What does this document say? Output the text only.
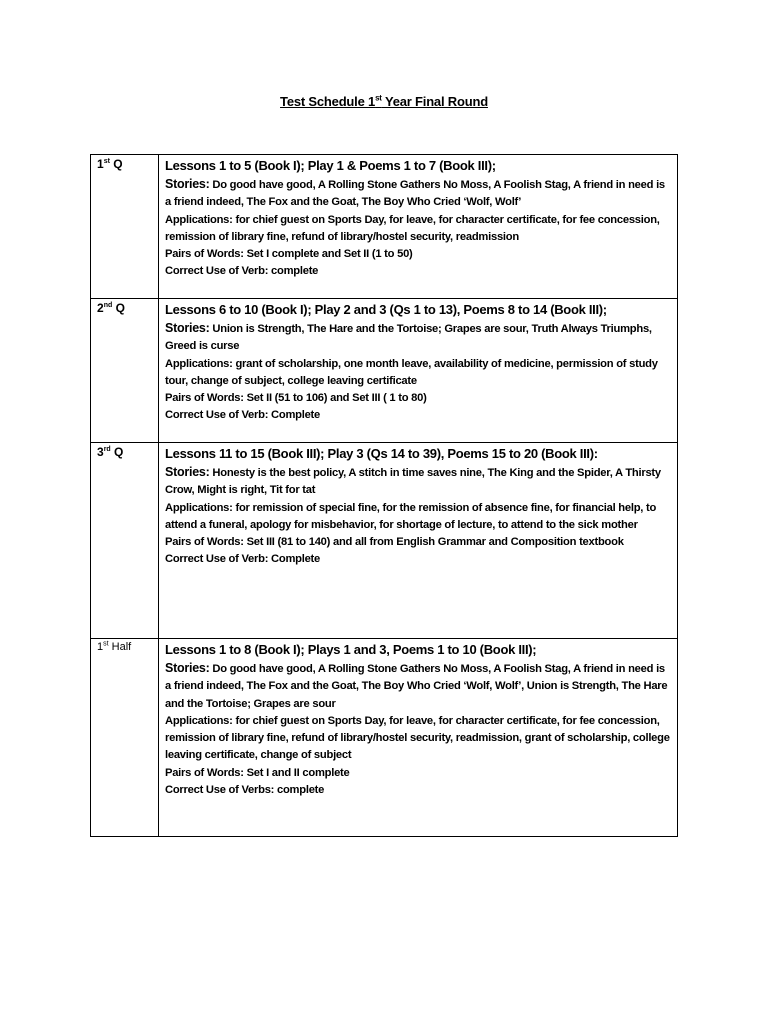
Test Schedule 1st Year Final Round
1st Q	Lessons 1 to 5 (Book I); Play 1 & Poems 1 to 7 (Book III);
Stories: Do good have good, A Rolling Stone Gathers No Moss, A Foolish Stag, A friend in need is a friend indeed, The Fox and the Goat, The Boy Who Cried ‘Wolf, Wolf’
Applications: for chief guest on Sports Day, for leave, for character certificate, for fee concession, remission of library fine, refund of library/hostel security, readmission
Pairs of Words: Set I complete and Set II (1 to 50)
Correct Use of Verb: complete

2nd Q	Lessons 6 to 10 (Book I); Play 2 and 3 (Qs 1 to 13), Poems 8 to 14 (Book III);
Stories: Union is Strength, The Hare and the Tortoise; Grapes are sour, Truth Always Triumphs, Greed is curse
Applications: grant of scholarship, one month leave, availability of medicine, permission of study tour, change of subject, college leaving certificate
Pairs of Words: Set II (51 to 106) and Set III ( 1 to 80)
Correct Use of Verb: Complete

3rd Q	Lessons 11 to 15 (Book III); Play 3 (Qs 14 to 39), Poems 15 to 20 (Book III):
Stories: Honesty is the best policy, A stitch in time saves nine, The King and the Spider, A Thirsty Crow, Might is right, Tit for tat
Applications: for remission of special fine, for the remission of absence fine, for financial help, to attend a funeral, apology for misbehavior, for shortage of lecture, to attend to the sick mother
Pairs of Words: Set III (81 to 140) and all from English Grammar and Composition textbook
Correct Use of Verb: Complete

1st Half	Lessons 1 to 8 (Book I); Plays 1 and 3, Poems 1 to 10 (Book III);
Stories: Do good have good, A Rolling Stone Gathers No Moss, A Foolish Stag, A friend in need is a friend indeed, The Fox and the Goat, The Boy Who Cried ‘Wolf, Wolf’, Union is Strength, The Hare and the Tortoise; Grapes are sour
Applications: for chief guest on Sports Day, for leave, for character certificate, for fee concession, remission of library fine, refund of library/hostel security, readmission, grant of scholarship, college leaving certificate, change of subject
Pairs of Words: Set I and II complete
Correct Use of Verbs: complete
